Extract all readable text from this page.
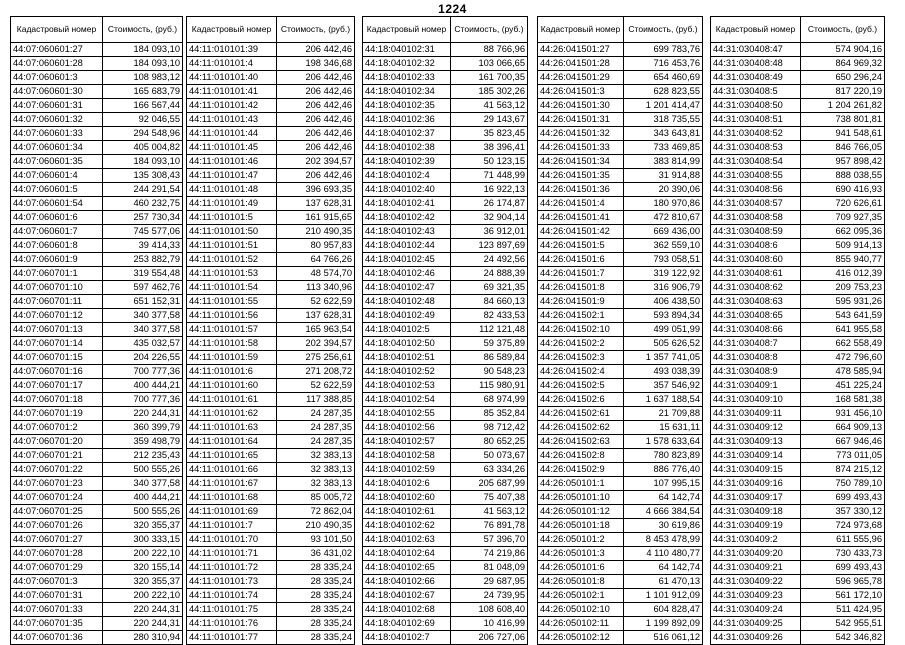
1224
Кадастровый номер	Стоимость, (руб.)
44:07:060601:27	184 093,10
44:07:060601:28	184 093,10
44:07:060601:3	108 983,12
44:07:060601:30	165 683,79
44:07:060601:31	166 567,44
44:07:060601:32	92 046,55
44:07:060601:33	294 548,96
44:07:060601:34	405 004,82
44:07:060601:35	184 093,10
44:07:060601:4	135 308,43
44:07:060601:5	244 291,54
44:07:060601:54	460 232,75
44:07:060601:6	257 730,34
44:07:060601:7	745 577,06
44:07:060601:8	39 414,33
44:07:060601:9	253 882,79
44:07:060701:1	319 554,48
44:07:060701:10	597 462,76
44:07:060701:11	651 152,31
44:07:060701:12	340 377,58
44:07:060701:13	340 377,58
44:07:060701:14	435 032,57
44:07:060701:15	204 226,55
44:07:060701:16	700 777,36
44:07:060701:17	400 444,21
44:07:060701:18	700 777,36
44:07:060701:19	220 244,31
44:07:060701:2	360 399,79
44:07:060701:20	359 498,79
44:07:060701:21	212 235,43
44:07:060701:22	500 555,26
44:07:060701:23	340 377,58
44:07:060701:24	400 444,21
44:07:060701:25	500 555,26
44:07:060701:26	320 355,37
44:07:060701:27	300 333,15
44:07:060701:28	200 222,10
44:07:060701:29	320 155,14
44:07:060701:3	320 355,37
44:07:060701:31	200 222,10
44:07:060701:33	220 244,31
44:07:060701:35	220 244,31
44:07:060701:36	280 310,94
Кадастровый номер	Стоимость, (руб.)
44:11:010101:39	206 442,46
44:11:010101:4	198 346,68
44:11:010101:40	206 442,46
44:11:010101:41	206 442,46
44:11:010101:42	206 442,46
44:11:010101:43	206 442,46
44:11:010101:44	206 442,46
44:11:010101:45	206 442,46
44:11:010101:46	202 394,57
44:11:010101:47	206 442,46
44:11:010101:48	396 693,35
44:11:010101:49	137 628,31
44:11:010101:5	161 915,65
44:11:010101:50	210 490,35
44:11:010101:51	80 957,83
44:11:010101:52	64 766,26
44:11:010101:53	48 574,70
44:11:010101:54	113 340,96
44:11:010101:55	52 622,59
44:11:010101:56	137 628,31
44:11:010101:57	165 963,54
44:11:010101:58	202 394,57
44:11:010101:59	275 256,61
44:11:010101:6	271 208,72
44:11:010101:60	52 622,59
44:11:010101:61	117 388,85
44:11:010101:62	24 287,35
44:11:010101:63	24 287,35
44:11:010101:64	24 287,35
44:11:010101:65	32 383,13
44:11:010101:66	32 383,13
44:11:010101:67	32 383,13
44:11:010101:68	85 005,72
44:11:010101:69	72 862,04
44:11:010101:7	210 490,35
44:11:010101:70	93 101,50
44:11:010101:71	36 431,02
44:11:010101:72	28 335,24
44:11:010101:73	28 335,24
44:11:010101:74	28 335,24
44:11:010101:75	28 335,24
44:11:010101:76	28 335,24
44:11:010101:77	28 335,24
Кадастровый номер	Стоимость, (руб.)
44:18:040102:31	88 766,96
44:18:040102:32	103 066,65
44:18:040102:33	161 700,35
44:18:040102:34	185 302,26
44:18:040102:35	41 563,12
44:18:040102:36	29 143,67
44:18:040102:37	35 823,45
44:18:040102:38	38 396,41
44:18:040102:39	50 123,15
44:18:040102:4	71 448,99
44:18:040102:40	16 922,13
44:18:040102:41	26 174,87
44:18:040102:42	32 904,14
44:18:040102:43	36 912,01
44:18:040102:44	123 897,69
44:18:040102:45	24 492,56
44:18:040102:46	24 888,39
44:18:040102:47	69 321,35
44:18:040102:48	84 660,13
44:18:040102:49	82 433,53
44:18:040102:5	112 121,48
44:18:040102:50	59 375,89
44:18:040102:51	86 589,84
44:18:040102:52	90 548,23
44:18:040102:53	115 980,91
44:18:040102:54	68 974,99
44:18:040102:55	85 352,84
44:18:040102:56	98 712,42
44:18:040102:57	80 652,25
44:18:040102:58	50 073,67
44:18:040102:59	63 334,26
44:18:040102:6	205 687,99
44:18:040102:60	75 407,38
44:18:040102:61	41 563,12
44:18:040102:62	76 891,78
44:18:040102:63	57 396,70
44:18:040102:64	74 219,86
44:18:040102:65	81 048,09
44:18:040102:66	29 687,95
44:18:040102:67	24 739,95
44:18:040102:68	108 608,40
44:18:040102:69	10 416,99
44:18:040102:7	206 727,06
Кадастровый номер	Стоимость, (руб.)
44:26:041501:27	699 783,76
44:26:041501:28	716 453,76
44:26:041501:29	654 460,69
44:26:041501:3	628 823,55
44:26:041501:30	1 201 414,47
44:26:041501:31	318 735,55
44:26:041501:32	343 643,81
44:26:041501:33	733 469,85
44:26:041501:34	383 814,99
44:26:041501:35	31 914,88
44:26:041501:36	20 390,06
44:26:041501:4	180 970,86
44:26:041501:41	472 810,67
44:26:041501:42	669 436,00
44:26:041501:5	362 559,10
44:26:041501:6	793 058,51
44:26:041501:7	319 122,92
44:26:041501:8	316 906,79
44:26:041501:9	406 438,50
44:26:041502:1	593 894,34
44:26:041502:10	499 051,99
44:26:041502:2	505 626,52
44:26:041502:3	1 357 741,05
44:26:041502:4	493 038,39
44:26:041502:5	357 546,92
44:26:041502:6	1 637 188,54
44:26:041502:61	21 709,88
44:26:041502:62	15 631,11
44:26:041502:63	1 578 633,64
44:26:041502:8	780 823,89
44:26:041502:9	886 776,40
44:26:050101:1	107 995,15
44:26:050101:10	64 142,74
44:26:050101:12	4 666 384,54
44:26:050101:18	30 619,86
44:26:050101:2	8 453 478,99
44:26:050101:3	4 110 480,77
44:26:050101:6	64 142,74
44:26:050101:8	61 470,13
44:26:050102:1	1 101 912,09
44:26:050102:10	604 828,47
44:26:050102:11	1 199 892,09
44:26:050102:12	516 061,12
Кадастровый номер	Стоимость, (руб.)
44:31:030408:47	574 904,16
44:31:030408:48	864 969,32
44:31:030408:49	650 296,24
44:31:030408:5	817 220,19
44:31:030408:50	1 204 261,82
44:31:030408:51	738 801,81
44:31:030408:52	941 548,61
44:31:030408:53	846 766,05
44:31:030408:54	957 898,42
44:31:030408:55	888 038,55
44:31:030408:56	690 416,93
44:31:030408:57	720 626,61
44:31:030408:58	709 927,35
44:31:030408:59	662 095,36
44:31:030408:6	509 914,13
44:31:030408:60	855 940,77
44:31:030408:61	416 012,39
44:31:030408:62	209 753,23
44:31:030408:63	595 931,26
44:31:030408:65	543 641,59
44:31:030408:66	641 955,58
44:31:030408:7	662 558,49
44:31:030408:8	472 796,60
44:31:030408:9	478 585,94
44:31:030409:1	451 225,24
44:31:030409:10	168 581,38
44:31:030409:11	931 456,10
44:31:030409:12	664 909,13
44:31:030409:13	667 946,46
44:31:030409:14	773 011,05
44:31:030409:15	874 215,12
44:31:030409:16	750 789,10
44:31:030409:17	699 493,43
44:31:030409:18	357 330,12
44:31:030409:19	724 973,68
44:31:030409:2	611 555,96
44:31:030409:20	730 433,73
44:31:030409:21	699 493,43
44:31:030409:22	596 965,78
44:31:030409:23	561 172,10
44:31:030409:24	511 424,95
44:31:030409:25	542 955,51
44:31:030409:26	542 346,82
